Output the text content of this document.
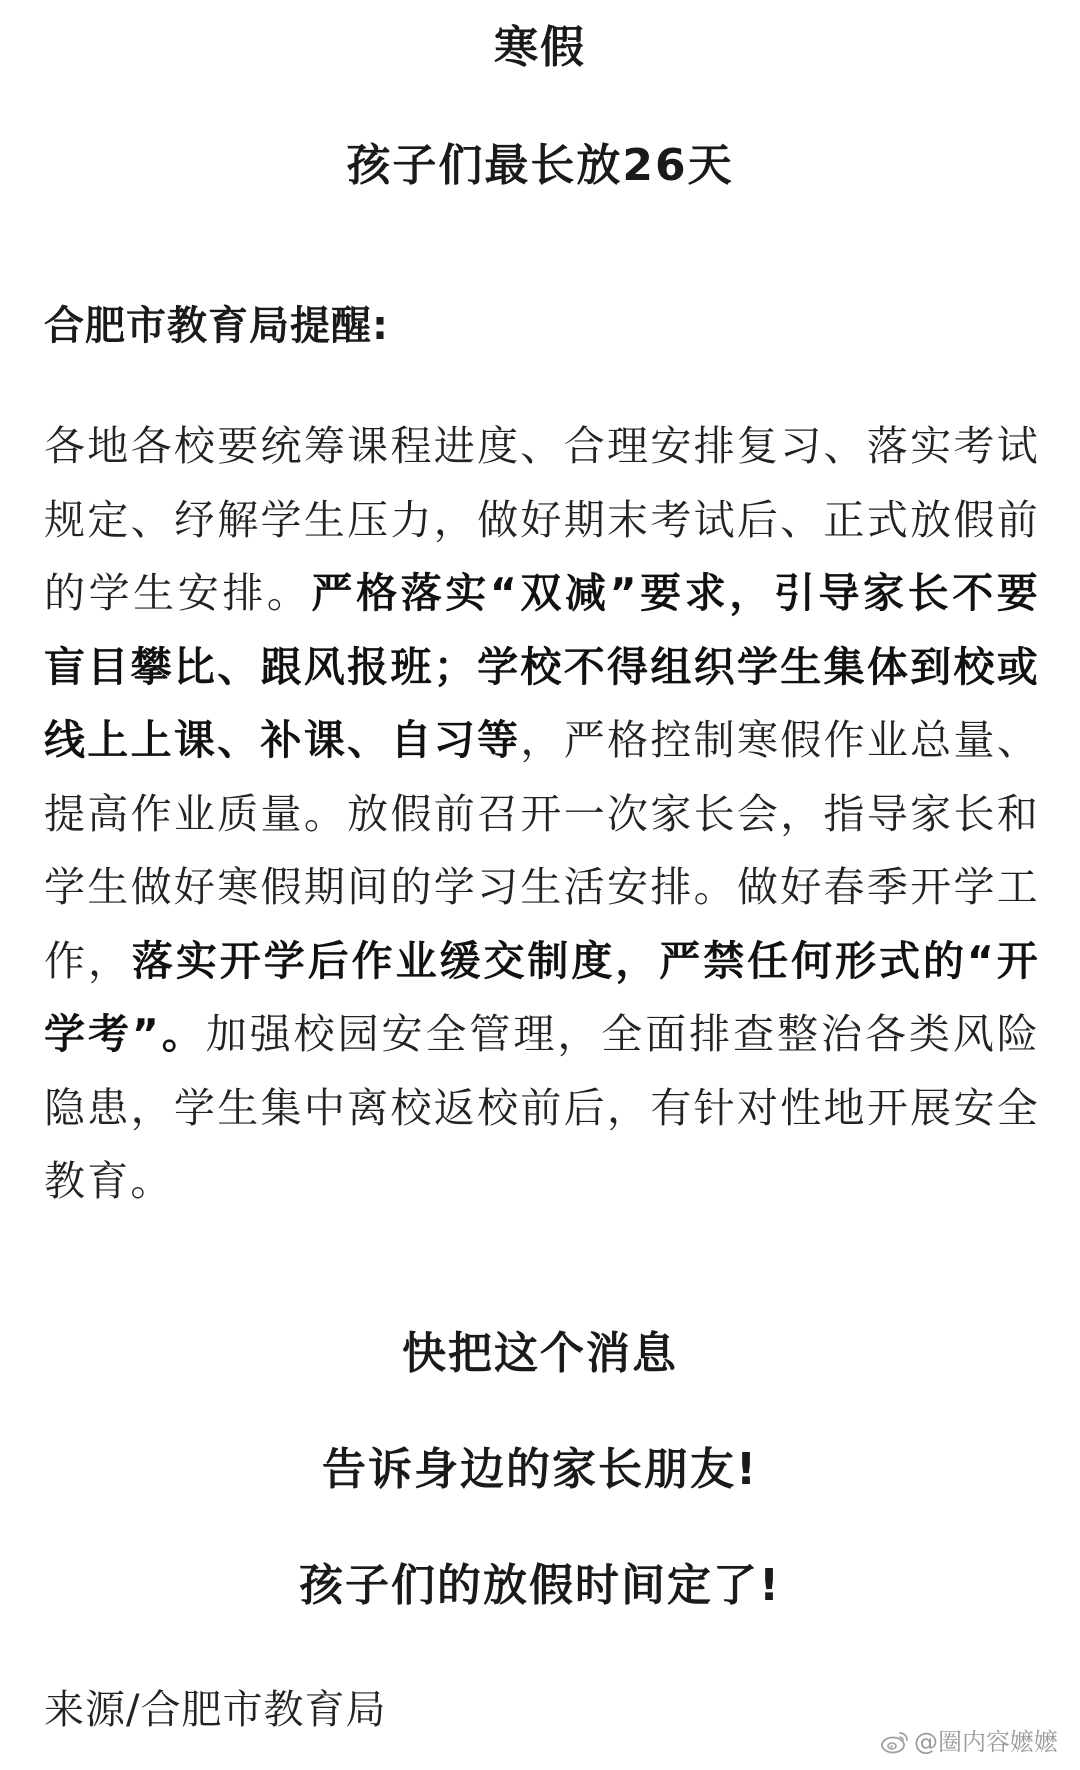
寒假
孩子们最长放26天
合肥市教育局提醒:
各地各校要统筹课程进度、合理安排复习、落实考试规定、纾解学生压力，做好期末考试后、正式放假前的学生安排。严格落实“双减”要求，引导家长不要盲目攀比、跟风报班；学校不得组织学生集体到校或线上上课、补课、自习等，严格控制寒假作业总量、提高作业质量。放假前召开一次家长会，指导家长和学生做好寒假期间的学习生活安排。做好春季开学工作，落实开学后作业缓交制度，严禁任何形式的“开学考”。加强校园安全管理，全面排查整治各类风险隐患，学生集中离校返校前后，有针对性地开展安全教育。
快把这个消息
告诉身边的家长朋友!
孩子们的放假时间定了!
来源/合肥市教育局
@圈内容嬷嬷
